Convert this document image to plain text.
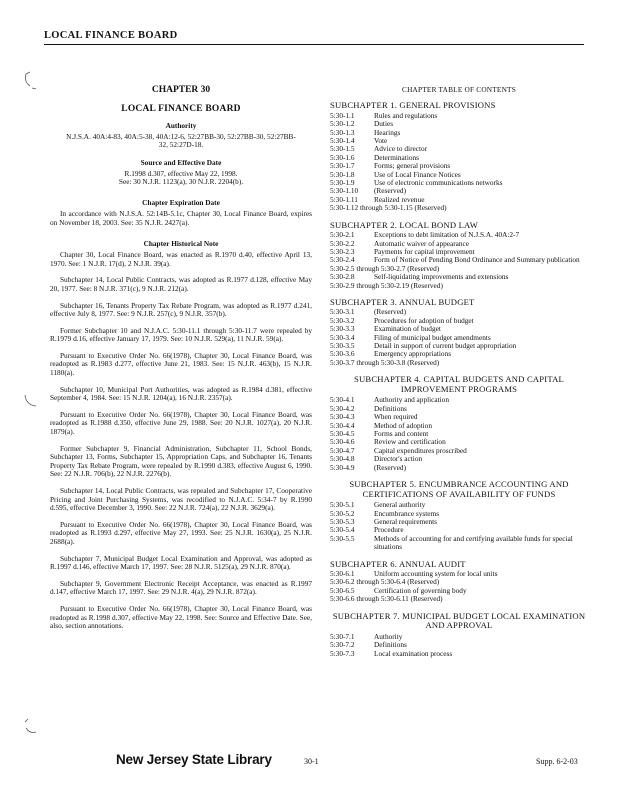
LOCAL FINANCE BOARD
CHAPTER 30
LOCAL FINANCE BOARD
Authority

N.J.S.A. 40A:4-83, 40A:5-38, 40A:12-6, 52:27BB-30, 52:27BB-30, 52:27BB-32, 52:27D-18.

Source and Effective Date

R.1998 d.307, effective May 22, 1998.

See: 30 N.J.R. 1123(a), 30 N.J.R. 2204(b).

Chapter Expiration Date

In accordance with N.J.S.A. 52:14B-5.1c, Chapter 30, Local Finance Board, expires on November 18, 2003. See: 35 N.J.R. 2427(a).

Chapter Historical Note

Chapter 30, Local Finance Board, was enacted as R.1970 d.40, effective April 13, 1970. See: 1 N.J.R. 17(d), 2 N.J.R. 39(a).

Subchapter 14, Local Public Contracts, was adopted as R.1977 d.128, effective May 20, 1977. See: 8 N.J.R. 371(c), 9 N.J.R. 212(a).

Subchapter 16, Tenants Property Tax Rebate Program, was adopted as R.1977 d.241, effective July 8, 1977. See: 9 N.J.R. 257(c), 9 N.J.R. 357(b).

Former Subchapter 10 and N.J.A.C. 5:30-11.1 through 5:30-11.7 were repealed by R.1979 d.16, effective January 17, 1979. See: 10 N.J.R. 529(a), 11 N.J.R. 59(a).

Pursuant to Executive Order No. 66(1978), Chapter 30, Local Finance Board, was readopted as R.1983 d.277, effective June 21, 1983. See: 15 N.J.R. 463(b), 15 N.J.R. 1180(a).

Subchapter 10, Municipal Port Authorities, was adopted as R.1984 d.381, effective September 4, 1984. See: 15 N.J.R. 1204(a), 16 N.J.R. 2357(a).

Pursuant to Executive Order No. 66(1978), Chapter 30, Local Finance Board, was readopted as R.1988 d.350, effective June 29, 1988. See: 20 N.J.R. 1027(a), 20 N.J.R. 1879(a).

Former Subchapter 9, Financial Administration, Subchapter 11, School Bonds, Subchapter 13, Forms, Subchapter 15, Appropriation Caps, and Subchapter 16, Tenants Property Tax Rebate Program, were repealed by R.1990 d.383, effective August 6, 1990. See: 22 N.J.R. 706(b), 22 N.J.R. 2276(b).

Subchapter 14, Local Public Contracts, was repealed and Subchapter 17, Cooperative Pricing and Joint Purchasing Systems, was recodified to N.J.A.C. 5:34-7 by R.1990 d.595, effective December 3, 1990. See: 22 N.J.R. 724(a), 22 N.J.R. 3629(a).

Pursuant to Executive Order No. 66(1978), Chapter 30, Local Finance Board, was readopted as R.1993 d.297, effective May 27, 1993. See: 25 N.J.R. 1630(a), 25 N.J.R. 2688(a).

Subchapter 7, Municipal Budget Local Examination and Approval, was adopted as R.1997 d.146, effective March 17, 1997. See: 28 N.J.R. 5125(a), 29 N.J.R. 870(a).

Subchapter 9, Government Electronic Receipt Acceptance, was enacted as R.1997 d.147, effective March 17, 1997. See: 29 N.J.R. 4(a), 29 N.J.R. 872(a).

Pursuant to Executive Order No. 66(1978), Chapter 30, Local Finance Board, was readopted as R.1998 d.307, effective May 22, 1998. See: Source and Effective Date. See, also, section annotations.

CHAPTER TABLE OF CONTENTS
SUBCHAPTER 1. GENERAL PROVISIONS
5:30-1.1	Rules and regulations
5:30-1.2	Duties
5:30-1.3	Hearings
5:30-1.4	Vote
5:30-1.5	Advice to director
5:30-1.6	Determinations
5:30-1.7	Forms; general provisions
5:30-1.8	Use of Local Finance Notices
5:30-1.9	Use of electronic communications networks
5:30-1.10	(Reserved)
5:30-1.11	Realized revenue
5:30-1.12 through 5:30-1.15 (Reserved)
SUBCHAPTER 2. LOCAL BOND LAW
5:30-2.1	Exceptions to debt limitation of N.J.S.A. 40A:2-7
5:30-2.2	Automatic waiver of appearance
5:30-2.3	Payments for capital improvement
5:30-2.4	Form of Notice of Pending Bond Ordinance and Summary publication
5:30-2.5 through 5:30-2.7 (Reserved)
5:30-2.8	Self-liquidating improvements and extensions
5:30-2.9 through 5:30-2.19 (Reserved)
SUBCHAPTER 3. ANNUAL BUDGET
5:30-3.1	(Reserved)
5:30-3.2	Procedures for adoption of budget
5:30-3.3	Examination of budget
5:30-3.4	Filing of municipal budget amendments
5:30-3.5	Detail in support of current budget appropriation
5:30-3.6	Emergency appropriations
5:30-3.7 through 5:30-3.8 (Reserved)
SUBCHAPTER 4. CAPITAL BUDGETS AND CAPITAL IMPROVEMENT PROGRAMS
5:30-4.1	Authority and application
5:30-4.2	Definitions
5:30-4.3	When required
5:30-4.4	Method of adoption
5:30-4.5	Forms and content
5:30-4.6	Review and certification
5:30-4.7	Capital expenditures proscribed
5:30-4.8	Director's action
5:30-4.9	(Reserved)
SUBCHAPTER 5. ENCUMBRANCE ACCOUNTING AND CERTIFICATIONS OF AVAILABILITY OF FUNDS
5:30-5.1	General authority
5:30-5.2	Encumbrance systems
5:30-5.3	General requirements
5:30-5.4	Procedure
5:30-5.5	Methods of accounting for and certifying available funds for special situations
SUBCHAPTER 6. ANNUAL AUDIT
5:30-6.1	Uniform accounting system for local units
5:30-6.2 through 5:30-6.4 (Reserved)
5:30-6.5	Certification of governing body
5:30-6.6 through 5:30-6.11 (Reserved)
SUBCHAPTER 7. MUNICIPAL BUDGET LOCAL EXAMINATION AND APPROVAL
5:30-7.1	Authority
5:30-7.2	Definitions
5:30-7.3	Local examination process
New Jersey State Library	30-1	Supp. 6-2-03
